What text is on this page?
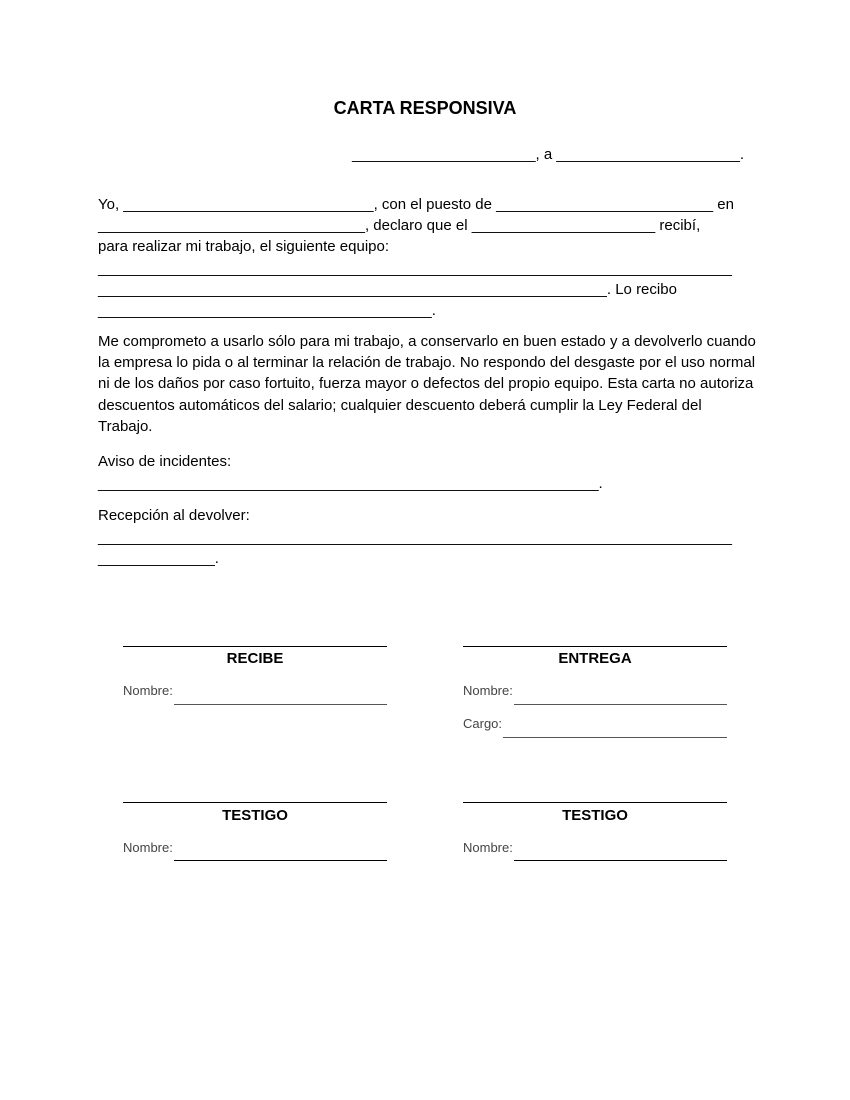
CARTA RESPONSIVA
______________________, a ______________________.
Yo, ______________________________, con el puesto de __________________________ en
________________________________, declaro que el ______________________ recibí,
para realizar mi trabajo, el siguiente equipo:
____________________________________________________________________________
_____________________________________________________________. Lo recibo
________________________________________.
Me comprometo a usarlo sólo para mi trabajo, a conservarlo en buen estado y a devolverlo cuando la empresa lo pida o al terminar la relación de trabajo. No respondo del desgaste por el uso normal ni de los daños por caso fortuito, fuerza mayor o defectos del propio equipo. Esta carta no autoriza descuentos automáticos del salario; cualquier descuento deberá cumplir la Ley Federal del Trabajo.
Aviso de incidentes:
____________________________________________________________.
Recepción al devolver:
____________________________________________________________________________
______________.
RECIBE
Nombre:
ENTREGA
Nombre:
Cargo:
TESTIGO
Nombre:
TESTIGO
Nombre:
